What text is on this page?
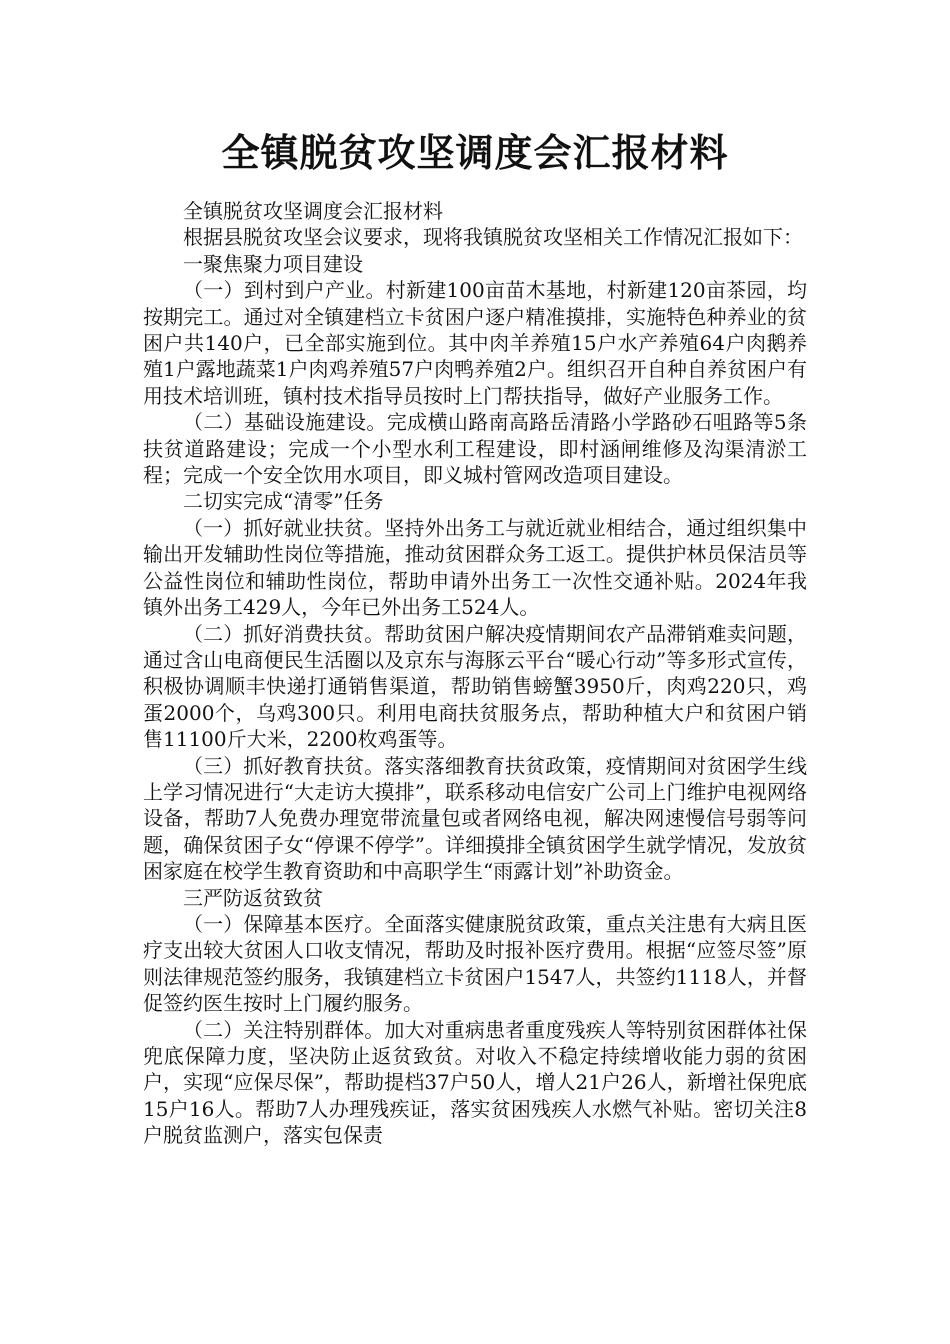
全镇脱贫攻坚调度会汇报材料

全镇脱贫攻坚调度会汇报材料

根据县脱贫攻坚会议要求，现将我镇脱贫攻坚相关工作情况汇报如下：

一聚焦聚力项目建设

（一）到村到户产业。村新建100亩苗木基地，村新建120亩茶园，均按期完工。通过对全镇建档立卡贫困户逐户精准摸排，实施特色种养业的贫困户共140户，已全部实施到位。其中肉羊养殖15户水产养殖64户肉鹅养殖1户露地蔬菜1户肉鸡养殖57户肉鸭养殖2户。组织召开自种自养贫困户有用技术培训班，镇村技术指导员按时上门帮扶指导，做好产业服务工作。

（二）基础设施建设。完成横山路南高路岳清路小学路砂石咀路等5条扶贫道路建设；完成一个小型水利工程建设，即村涵闸维修及沟渠清淤工程；完成一个安全饮用水项目，即义城村管网改造项目建设。

二切实完成“清零”任务

（一）抓好就业扶贫。坚持外出务工与就近就业相结合，通过组织集中输出开发辅助性岗位等措施，推动贫困群众务工返工。提供护林员保洁员等公益性岗位和辅助性岗位，帮助申请外出务工一次性交通补贴。2024年我镇外出务工429人，今年已外出务工524人。

（二）抓好消费扶贫。帮助贫困户解决疫情期间农产品滞销难卖问题，通过含山电商便民生活圈以及京东与海豚云平台“暖心行动”等多形式宣传，积极协调顺丰快递打通销售渠道，帮助销售螃蟹3950斤，肉鸡220只，鸡蛋2000个，乌鸡300只。利用电商扶贫服务点，帮助种植大户和贫困户销售11100斤大米，2200枚鸡蛋等。

（三）抓好教育扶贫。落实落细教育扶贫政策，疫情期间对贫困学生线上学习情况进行“大走访大摸排”，联系移动电信安广公司上门维护电视网络设备，帮助7人免费办理宽带流量包或者网络电视，解决网速慢信号弱等问题，确保贫困子女“停课不停学”。详细摸排全镇贫困学生就学情况，发放贫困家庭在校学生教育资助和中高职学生“雨露计划”补助资金。

三严防返贫致贫

（一）保障基本医疗。全面落实健康脱贫政策，重点关注患有大病且医疗支出较大贫困人口收支情况，帮助及时报补医疗费用。根据“应签尽签”原则法律规范签约服务，我镇建档立卡贫困户1547人，共签约1118人，并督促签约医生按时上门履约服务。

（二）关注特别群体。加大对重病患者重度残疾人等特别贫困群体社保兜底保障力度，坚决防止返贫致贫。对收入不稳定持续增收能力弱的贫困户，实现“应保尽保”，帮助提档37户50人，增人21户26人，新增社保兜底15户16人。帮助7人办理残疾证，落实贫困残疾人水燃气补贴。密切关注8户脱贫监测户，落实包保责
